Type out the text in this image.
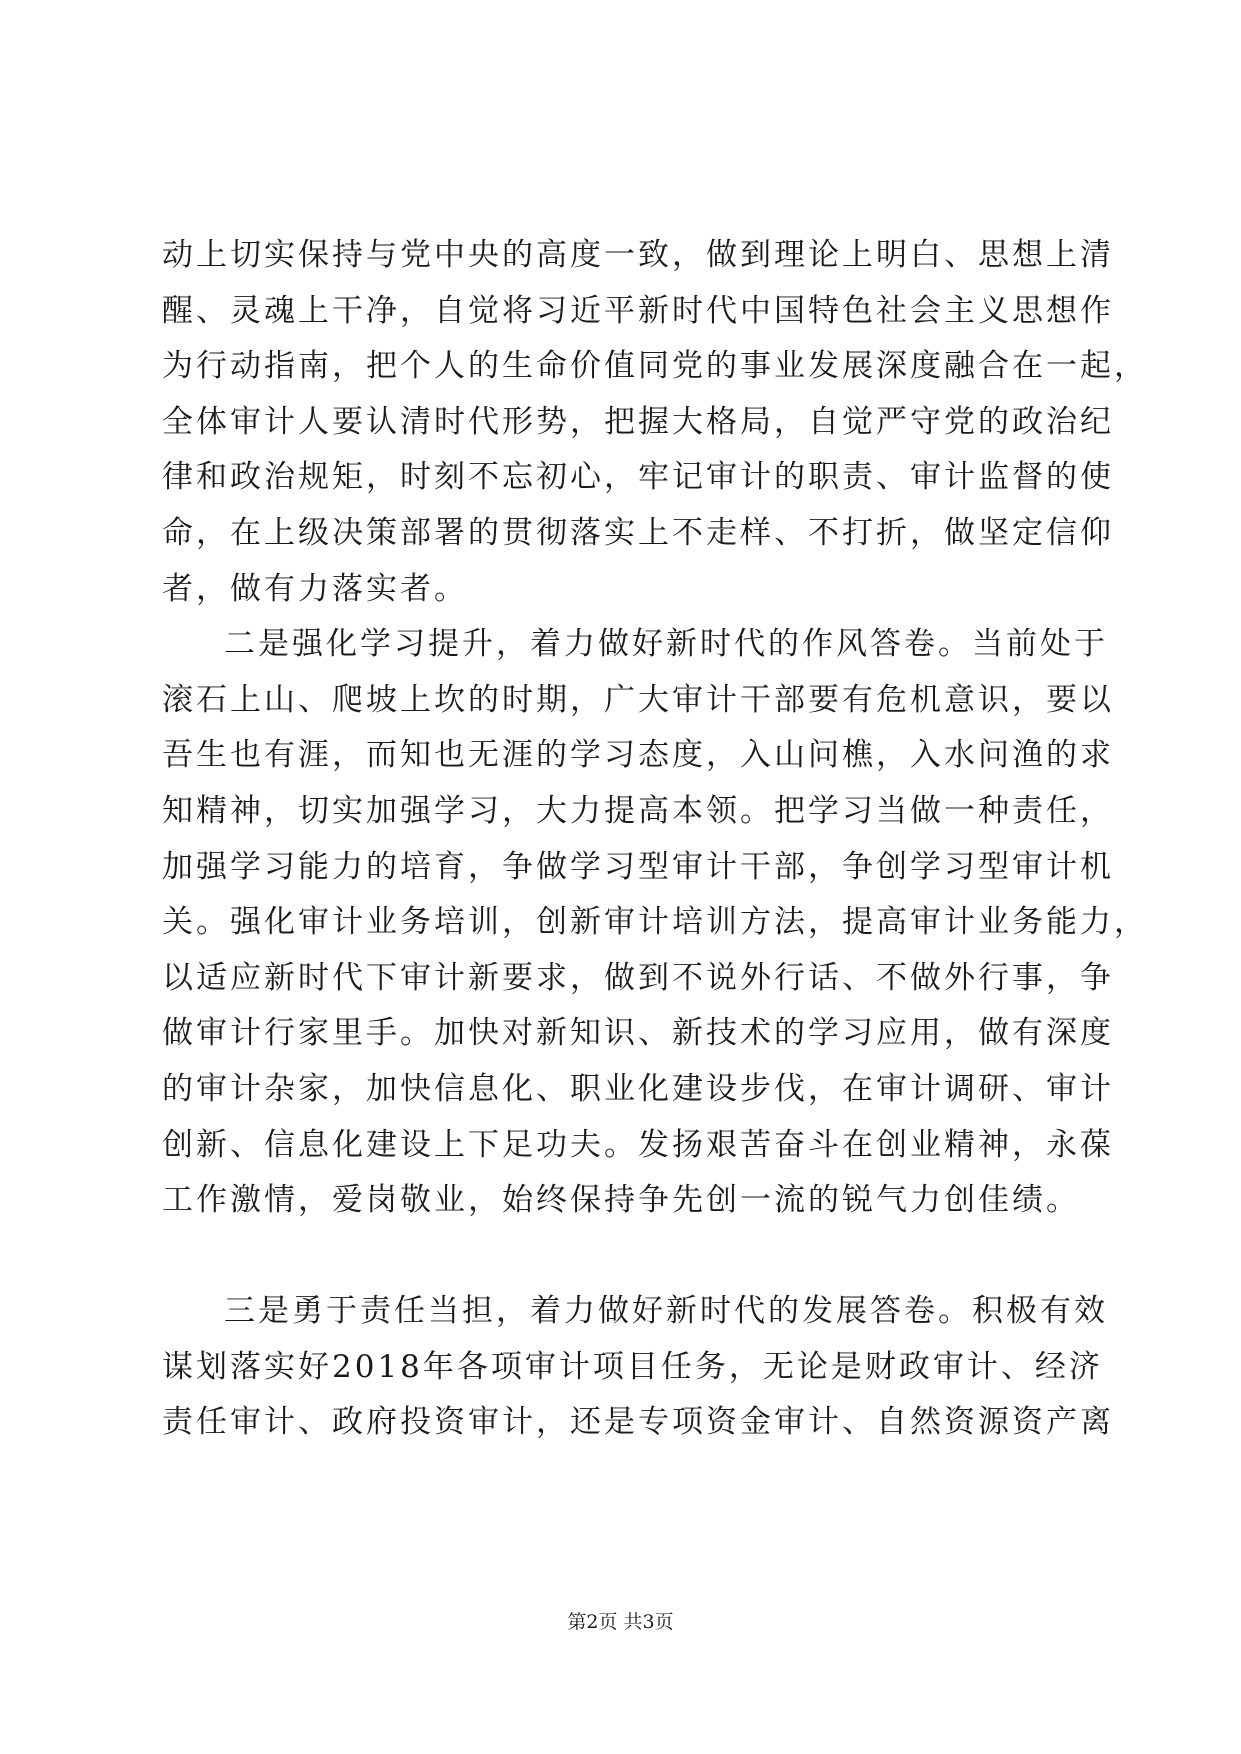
动上切实保持与党中央的高度一致，做到理论上明白、思想上清
醒、灵魂上干净，自觉将习近平新时代中国特色社会主义思想作
为行动指南，把个人的生命价值同党的事业发展深度融合在一起，
全体审计人要认清时代形势，把握大格局，自觉严守党的政治纪
律和政治规矩，时刻不忘初心，牢记审计的职责、审计监督的使
命，在上级决策部署的贯彻落实上不走样、不打折，做坚定信仰
者，做有力落实者。
二是强化学习提升，着力做好新时代的作风答卷。当前处于
滚石上山、爬坡上坎的时期，广大审计干部要有危机意识，要以
吾生也有涯，而知也无涯的学习态度，入山问樵，入水问渔的求
知精神，切实加强学习，大力提高本领。把学习当做一种责任，
加强学习能力的培育，争做学习型审计干部，争创学习型审计机
关。强化审计业务培训，创新审计培训方法，提高审计业务能力，
以适应新时代下审计新要求，做到不说外行话、不做外行事，争
做审计行家里手。加快对新知识、新技术的学习应用，做有深度
的审计杂家，加快信息化、职业化建设步伐，在审计调研、审计
创新、信息化建设上下足功夫。发扬艰苦奋斗在创业精神，永葆
工作激情，爱岗敬业，始终保持争先创一流的锐气力创佳绩。
三是勇于责任当担，着力做好新时代的发展答卷。积极有效
谋划落实好2018年各项审计项目任务，无论是财政审计、经济
责任审计、政府投资审计，还是专项资金审计、自然资源资产离
第2页 共3页
